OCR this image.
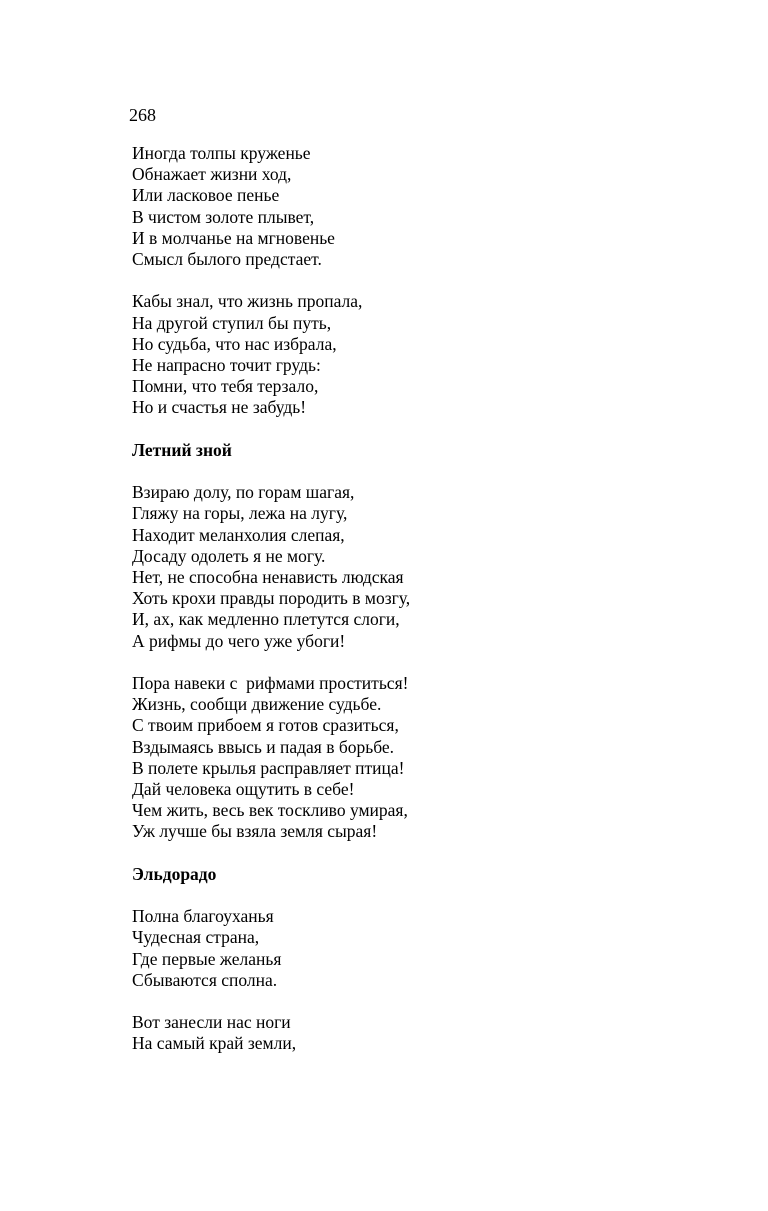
268
Иногда толпы круженье
Обнажает жизни ход,
Или ласковое пенье
В чистом золоте плывет,
И в молчанье на мгновенье
Смысл былого предстает.
Кабы знал, что жизнь пропала,
На другой ступил бы путь,
Но судьба, что нас избрала,
Не напрасно точит грудь:
Помни, что тебя терзало,
Но и счастья не забудь!
Летний зной
Взираю долу, по горам шагая,
Гляжу на горы, лежа на лугу,
Находит меланхолия слепая,
Досаду одолеть я не могу.
Нет, не способна ненависть людская
Хоть крохи правды породить в мозгу,
И, ах, как медленно плетутся слоги,
А рифмы до чего уже убоги!
Пора навеки с  рифмами проститься!
Жизнь, сообщи движение судьбе.
С твоим прибоем я готов сразиться,
Вздымаясь ввысь и падая в борьбе.
В полете крылья расправляет птица!
Дай человека ощутить в себе!
Чем жить, весь век тоскливо умирая,
Уж лучше бы взяла земля сырая!
Эльдорадо
Полна благоуханья
Чудесная страна,
Где первые желанья
Сбываются сполна.
Вот занесли нас ноги
На самый край земли,
